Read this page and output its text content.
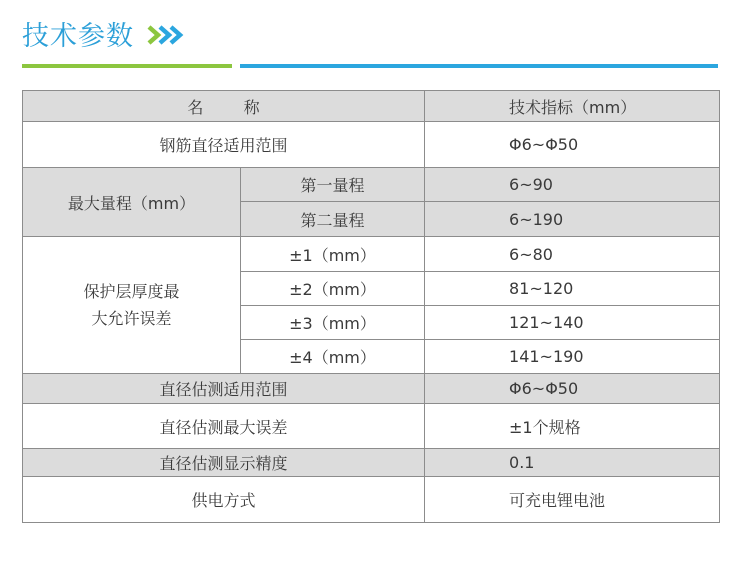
技术参数
名 称		技术指标（mm）
钢筋直径适用范围		Φ6~Φ50
最大量程（mm）	第一量程	6~90
	第二量程	6~190

保护层厚度最
大允许误差	±1（mm）	6~80
	±2（mm）	81~120
	±3（mm）	121~140
	±4（mm）	141~190
直径估测适用范围		Φ6~Φ50
直径估测最大误差		±1个规格
直径估测显示精度		0.1
供电方式		可充电锂电池
